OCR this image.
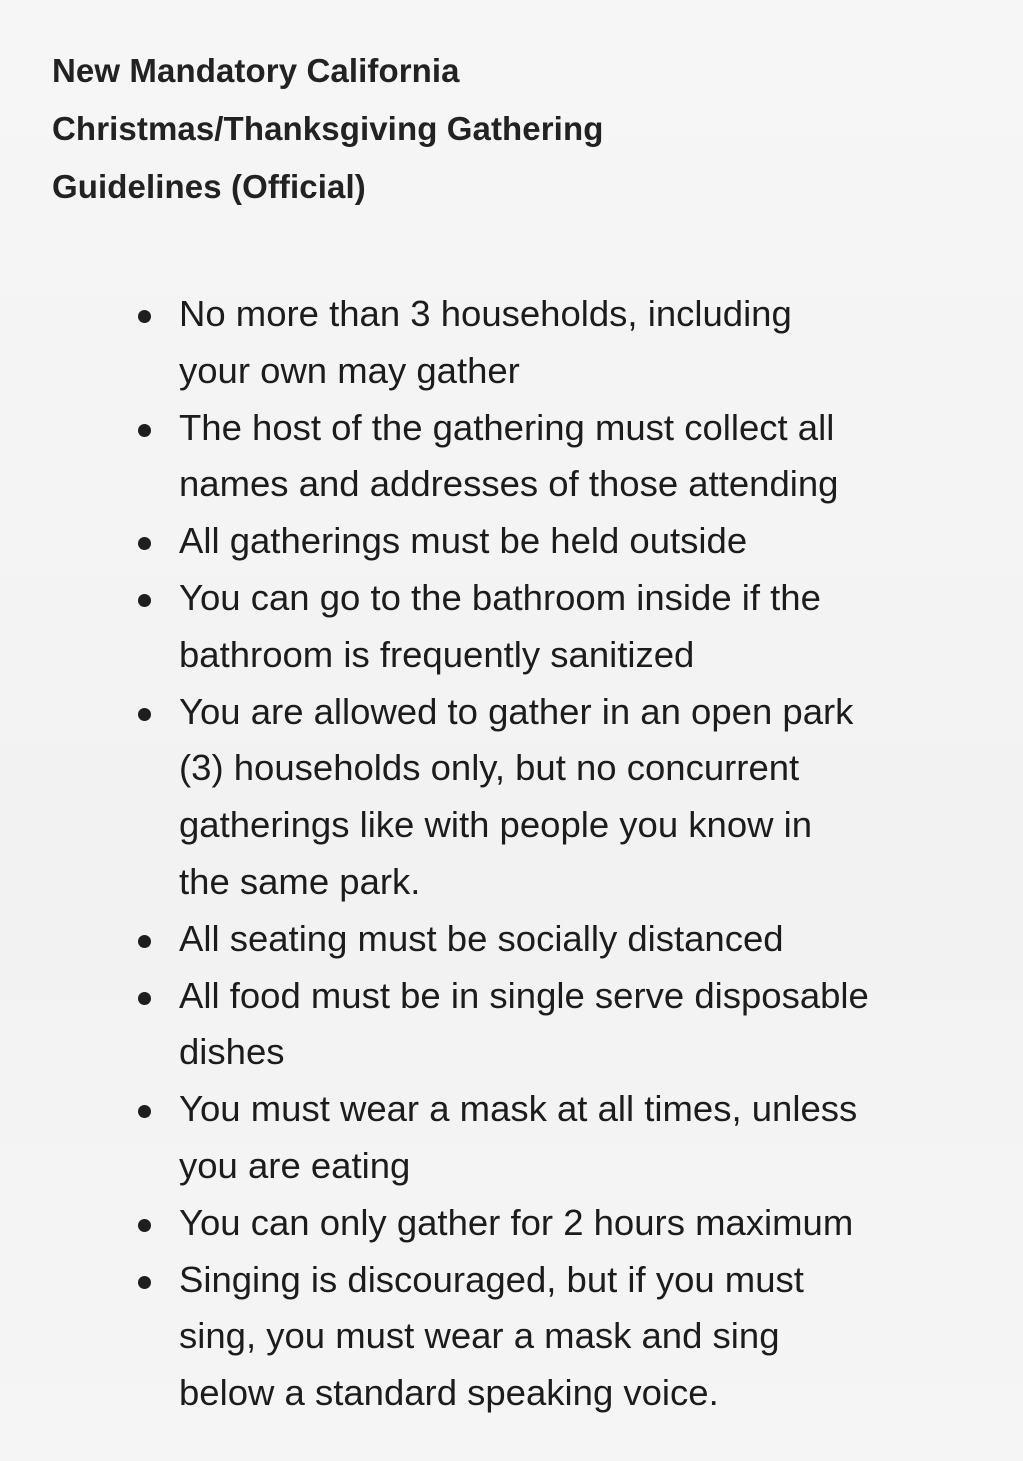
New Mandatory California
Christmas/Thanksgiving Gathering
Guidelines (Official)
No more than 3 households, including
your own may gather
The host of the gathering must collect all
names and addresses of those attending
All gatherings must be held outside
You can go to the bathroom inside if the
bathroom is frequently sanitized
You are allowed to gather in an open park
(3) households only, but no concurrent
gatherings like with people you know in
the same park.
All seating must be socially distanced
All food must be in single serve disposable
dishes
You must wear a mask at all times, unless
you are eating
You can only gather for 2 hours maximum
Singing is discouraged, but if you must
sing, you must wear a mask and sing
below a standard speaking voice.
